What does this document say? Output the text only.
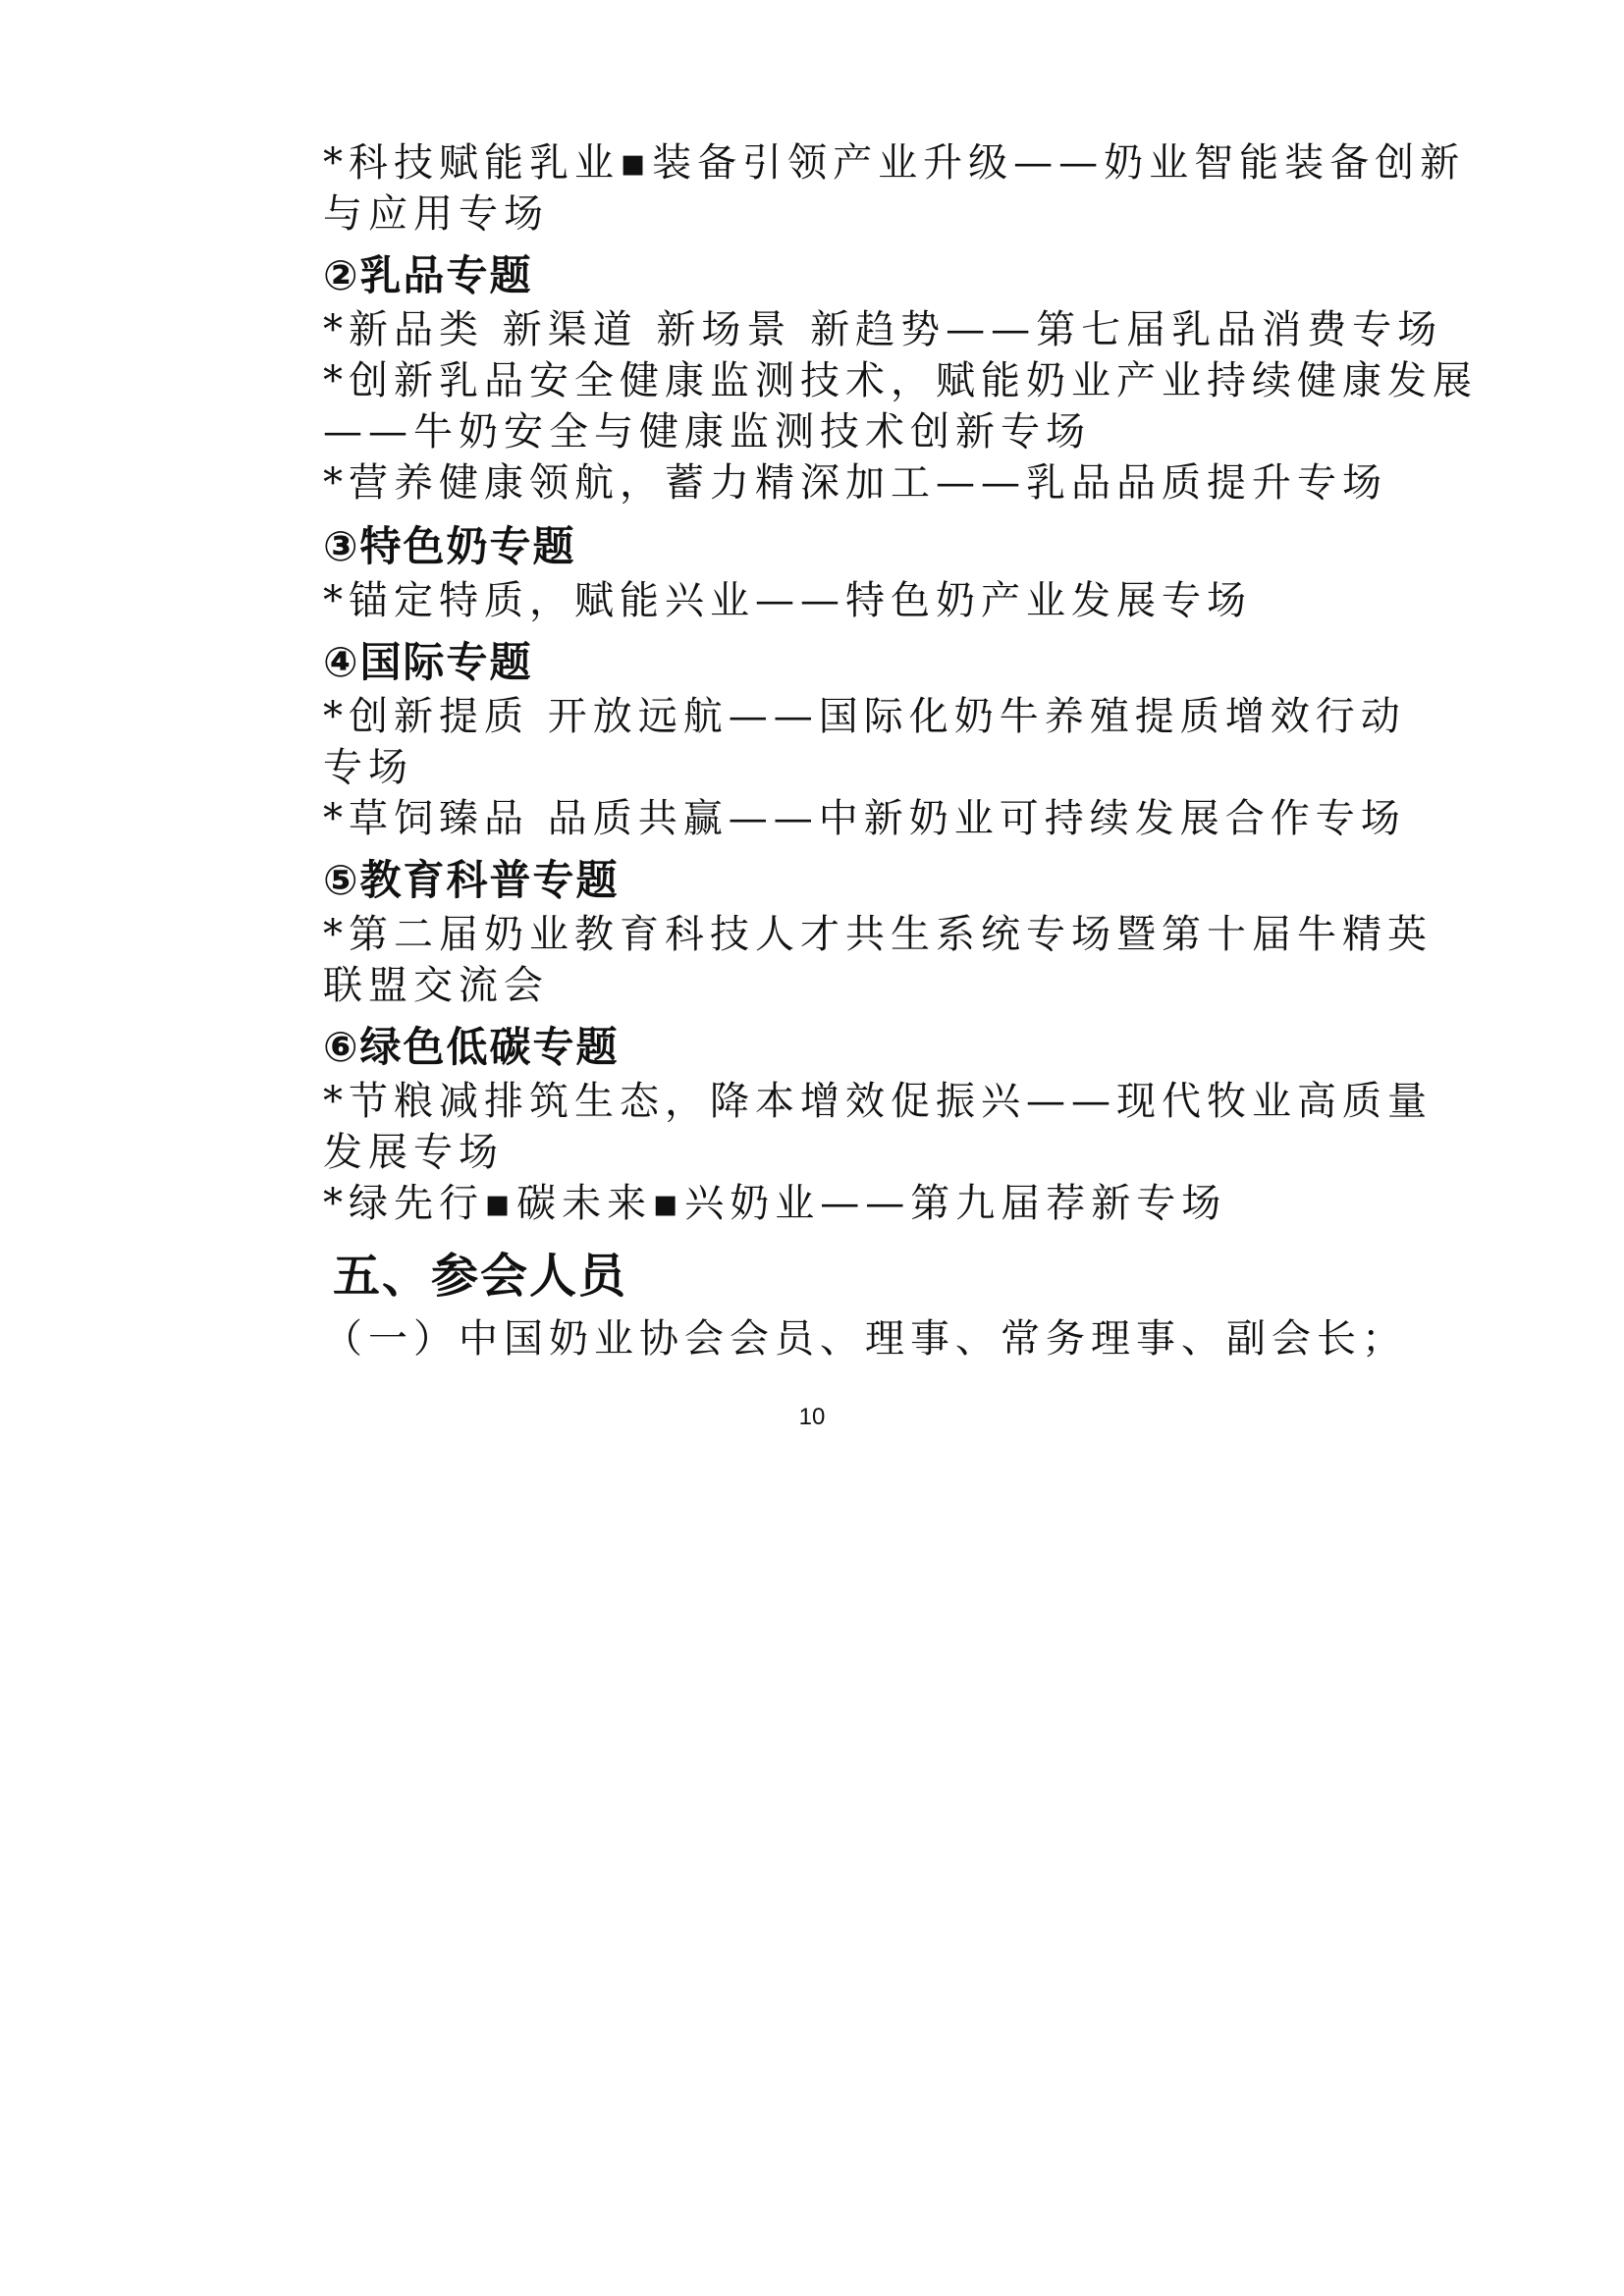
*科技赋能乳业▪装备引领产业升级——奶业智能装备创新
与应用专场
②乳品专题
*新品类 新渠道 新场景 新趋势——第七届乳品消费专场
*创新乳品安全健康监测技术，赋能奶业产业持续健康发展
——牛奶安全与健康监测技术创新专场
*营养健康领航，蓄力精深加工——乳品品质提升专场
③特色奶专题
*锚定特质，赋能兴业——特色奶产业发展专场
④国际专题
*创新提质 开放远航——国际化奶牛养殖提质增效行动
专场
*草饲臻品 品质共赢——中新奶业可持续发展合作专场
⑤教育科普专题
*第二届奶业教育科技人才共生系统专场暨第十届牛精英
联盟交流会
⑥绿色低碳专题
*节粮减排筑生态，降本增效促振兴——现代牧业高质量
发展专场
*绿先行▪碳未来▪兴奶业——第九届荐新专场
五、参会人员
（一）中国奶业协会会员、理事、常务理事、副会长；
10
